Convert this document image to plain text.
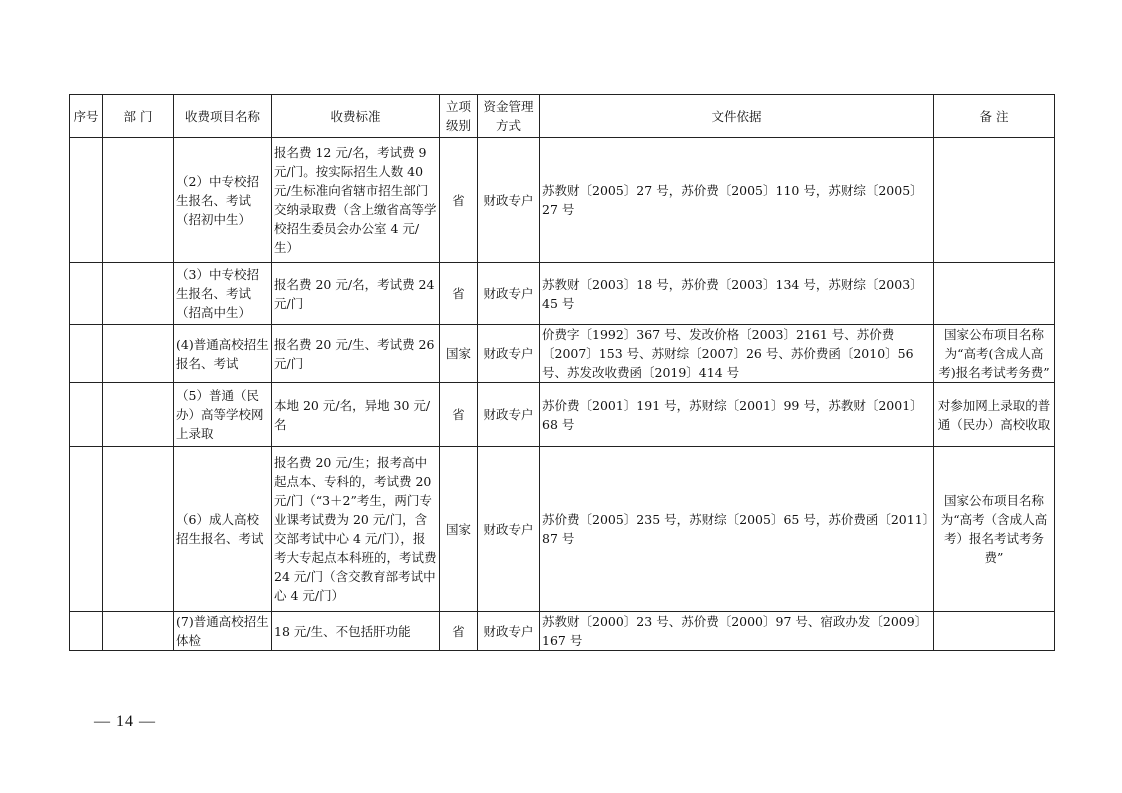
序号	部 门	收费项目名称	收费标准	立项级别	资金管理方式	文件依据	备 注
		（2）中专校招生报名、考试（招初中生）	报名费 12 元/名，考试费 9 元/门。按实际招生人数 40 元/生标准向省辖市招生部门交纳录取费（含上缴省高等学校招生委员会办公室 4 元/生）	省	财政专户	苏教财〔2005〕27 号，苏价费〔2005〕110 号，苏财综〔2005〕27 号	
		（3）中专校招生报名、考试（招高中生）	报名费 20 元/名，考试费 24 元/门	省	财政专户	苏教财〔2003〕18 号，苏价费〔2003〕134 号，苏财综〔2003〕45 号	
		(4)普通高校招生报名、考试	报名费 20 元/生、考试费 26 元/门	国家	财政专户	价费字〔1992〕367 号、发改价格〔2003〕2161 号、苏价费〔2007〕153 号、苏财综〔2007〕26 号、苏价费函〔2010〕56 号、苏发改收费函〔2019〕414 号	国家公布项目名称为“高考(含成人高考)报名考试考务费”
		（5）普通（民办）高等学校网上录取	本地 20 元/名，异地 30 元/名	省	财政专户	苏价费〔2001〕191 号，苏财综〔2001〕99 号，苏教财〔2001〕68 号	对参加网上录取的普通（民办）高校收取
		（6）成人高校招生报名、考试	报名费 20 元/生；报考高中起点本、专科的，考试费 20 元/门（“3＋2”考生，两门专业课考试费为 20 元/门，含交部考试中心 4 元/门），报考大专起点本科班的，考试费 24 元/门（含交教育部考试中心 4 元/门）	国家	财政专户	苏价费〔2005〕235 号，苏财综〔2005〕65 号，苏价费函〔2011〕87 号	国家公布项目名称为“高考（含成人高考）报名考试考务费”
		(7)普通高校招生体检	18 元/生、不包括肝功能	省	财政专户	苏教财〔2000〕23 号、苏价费〔2000〕97 号、宿政办发〔2009〕167 号	
— 14 —
